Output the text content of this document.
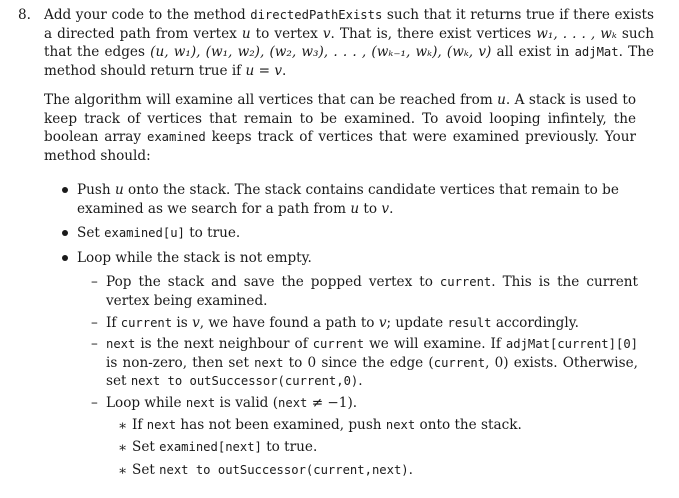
8. Add your code to the method directedPathExists such that it returns true if there exists a directed path from vertex u to vertex v. That is, there exist vertices w₁, . . . , wₖ such that the edges (u, w₁), (w₁, w₂), (w₂, w₃), . . . , (wₖ₋₁, wₖ), (wₖ, v) all exist in adjMat. The method should return true if u = v.

The algorithm will examine all vertices that can be reached from u. A stack is used to keep track of vertices that remain to be examined. To avoid looping infintely, the boolean array examined keeps track of vertices that were examined previously. Your method should:

Push u onto the stack. The stack contains candidate vertices that remain to be examined as we search for a path from u to v.
Set examined[u] to true.
Loop while the stack is not empty.
– Pop the stack and save the popped vertex to current. This is the current vertex being examined.
– If current is v, we have found a path to v; update result accordingly.
– next is the next neighbour of current we will examine. If adjMat[current][0] is non-zero, then set next to 0 since the edge (current, 0) exists. Otherwise, set next to outSuccessor(current,0).
– Loop while next is valid (next ≠ −1).
∗ If next has not been examined, push next onto the stack.
∗ Set examined[next] to true.
∗ Set next to outSuccessor(current,next).
